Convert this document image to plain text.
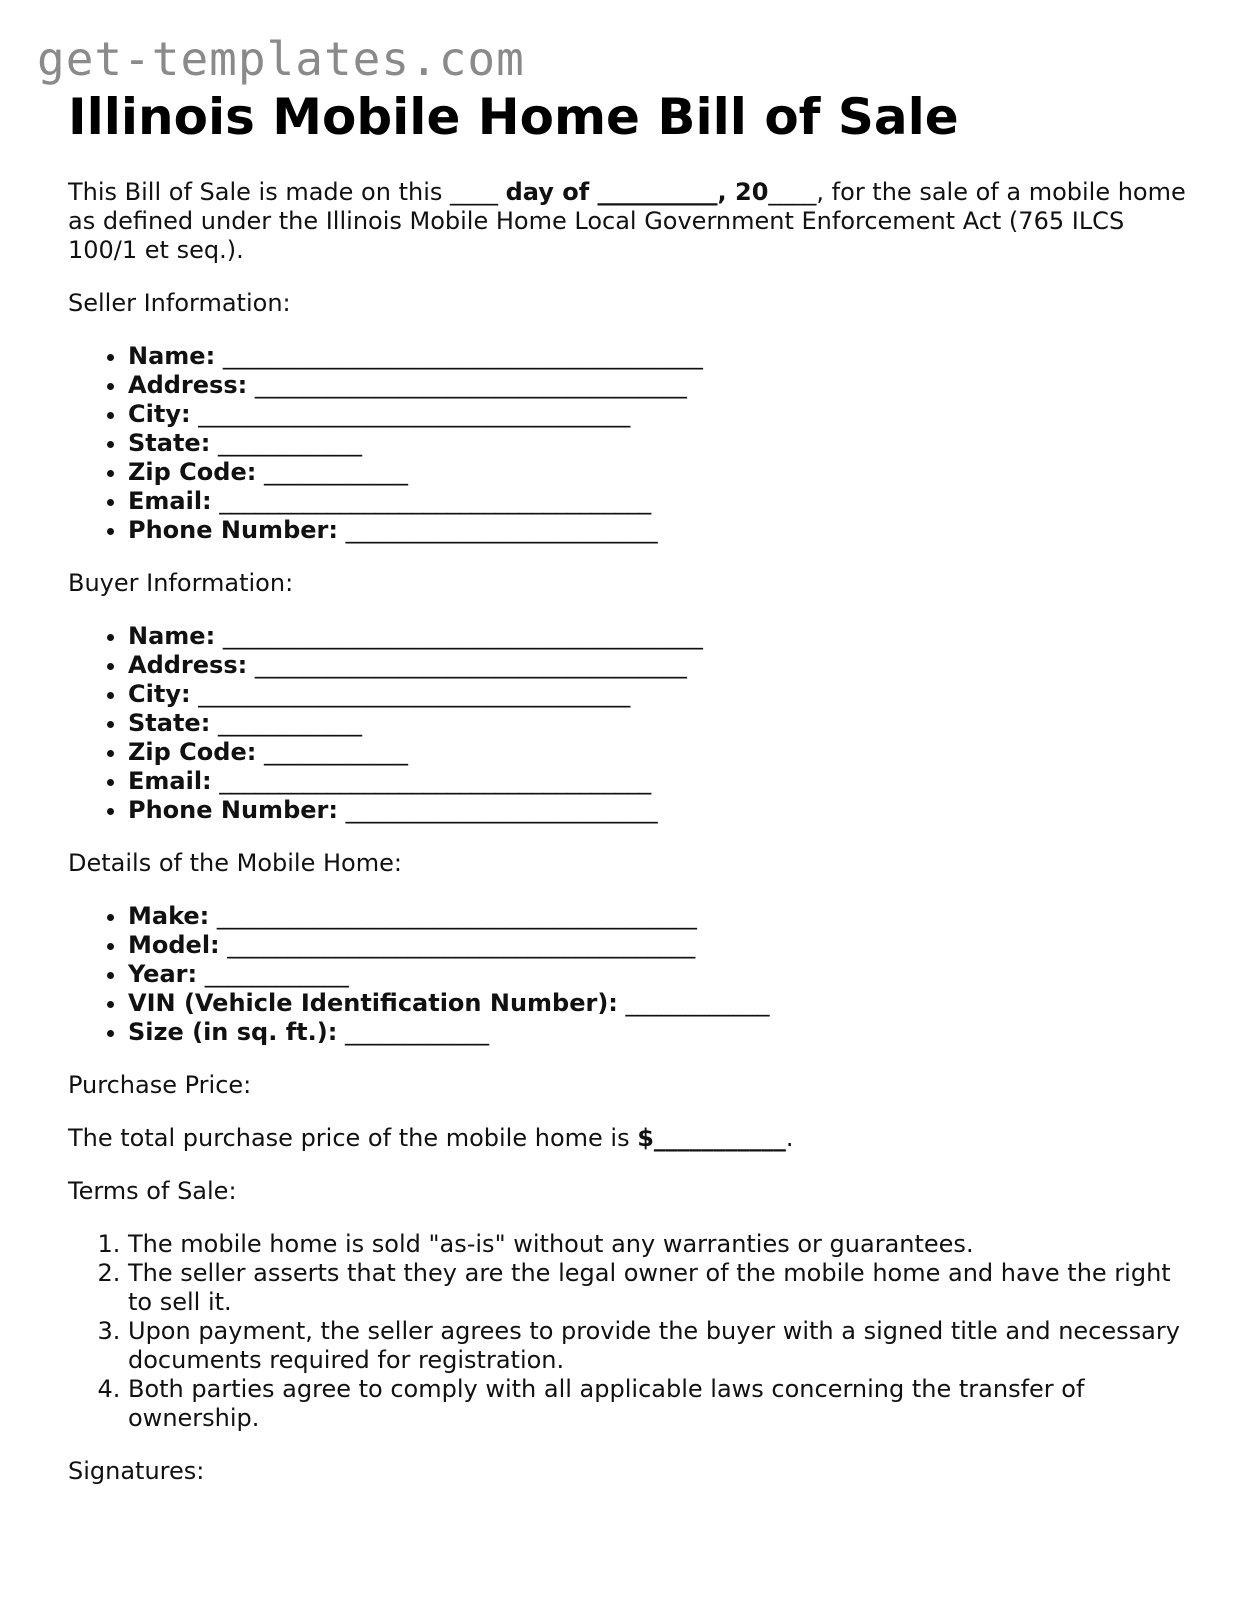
get-templates.com
Illinois Mobile Home Bill of Sale

This Bill of Sale is made on this ____ day of __________, 20____, for the sale of a mobile home as defined under the Illinois Mobile Home Local Government Enforcement Act (765 ILCS 100/1 et seq.).

Seller Information:

• Name: ________________________________________
• Address: ____________________________________
• City: ____________________________________
• State: ____________
• Zip Code: ____________
• Email: ____________________________________
• Phone Number: __________________________

Buyer Information:

• Name: ________________________________________
• Address: ____________________________________
• City: ____________________________________
• State: ____________
• Zip Code: ____________
• Email: ____________________________________
• Phone Number: __________________________

Details of the Mobile Home:

• Make: ________________________________________
• Model: _______________________________________
• Year: ____________
• VIN (Vehicle Identification Number): ____________
• Size (in sq. ft.): ____________

Purchase Price:

The total purchase price of the mobile home is $___________.

Terms of Sale:

1. The mobile home is sold "as-is" without any warranties or guarantees.
2. The seller asserts that they are the legal owner of the mobile home and have the right to sell it.
3. Upon payment, the seller agrees to provide the buyer with a signed title and necessary documents required for registration.
4. Both parties agree to comply with all applicable laws concerning the transfer of ownership.

Signatures:
